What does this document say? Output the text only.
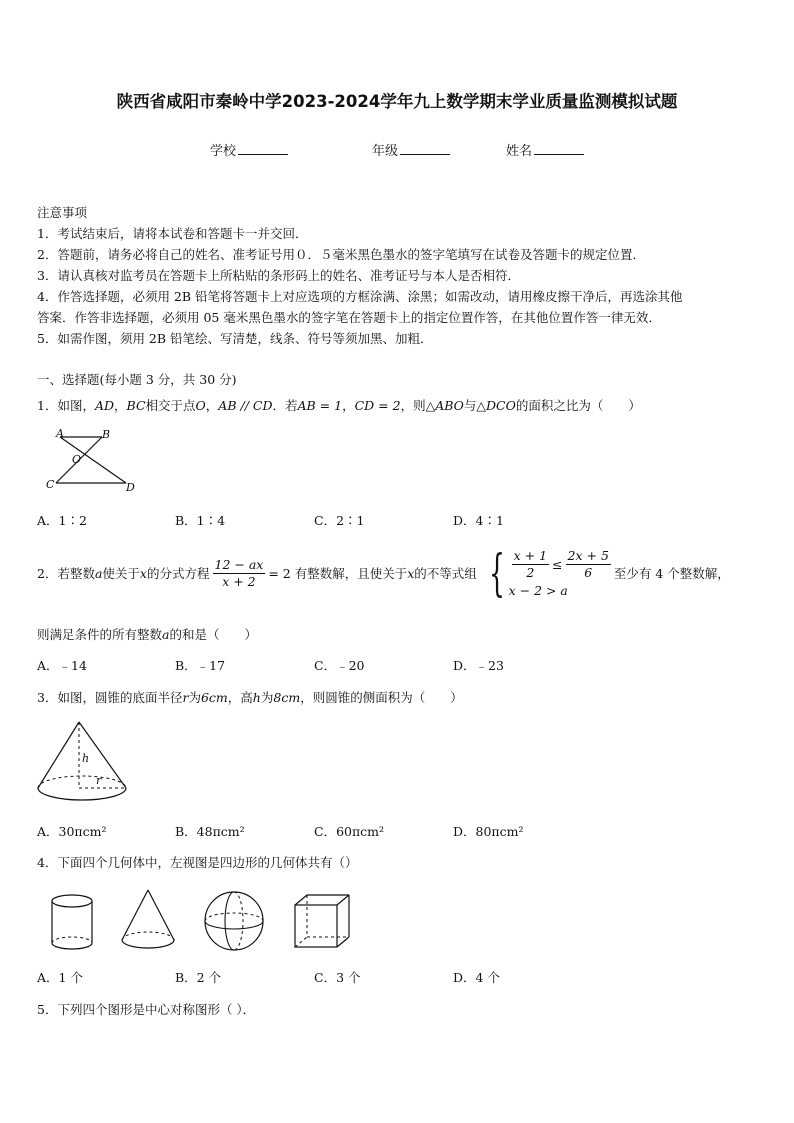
陕西省咸阳市秦岭中学2023-2024学年九上数学期末学业质量监测模拟试题
学校	年级	姓名
注意事项
1．考试结束后，请将本试卷和答题卡一并交回．
2．答题前，请务必将自己的姓名、准考证号用０．５毫米黑色墨水的签字笔填写在试卷及答题卡的规定位置．
3．请认真核对监考员在答题卡上所粘贴的条形码上的姓名、准考证号与本人是否相符．
4．作答选择题，必须用 2B 铅笔将答题卡上对应选项的方框涂满、涂黑；如需改动，请用橡皮擦干净后，再选涂其他
答案．作答非选择题，必须用 05 毫米黑色墨水的签字笔在答题卡上的指定位置作答，在其他位置作答一律无效．
5．如需作图，须用 2B 铅笔绘、写清楚，线条、符号等须加黑、加粗．
一、选择题(每小题 3 分，共 30 分)
1．如图，AD，BC相交于点O，AB // CD．若AB = 1，CD = 2，则△ABO与△DCO的面积之比为（　　）
A	B
O
C	D
A．1∶2	B．1∶4	C．2∶1	D．4∶1
2．若整数 a 使关于 x 的分式方程 $\frac{12 - ax}{x + 2} = 2$ 有整数解，且使关于 x 的不等式组 { $\frac{x + 1}{2} \le \frac{2x + 5}{6}$
x − 2 > a
至少有 4 个整数解，
则满足条件的所有整数a的和是（　　）
A．﹣14	B．﹣17	C．﹣20	D．﹣23
3．如图，圆锥的底面半径r为6cm，高h为8cm，则圆锥的侧面积为（　　）
h
r
A．30πcm²	B．48πcm²	C．60πcm²	D．80πcm²
4．下面四个几何体中，左视图是四边形的几何体共有（）
A．1 个	B．2 个	C．3 个	D．4 个
5．下列四个图形是中心对称图形（ ）．
